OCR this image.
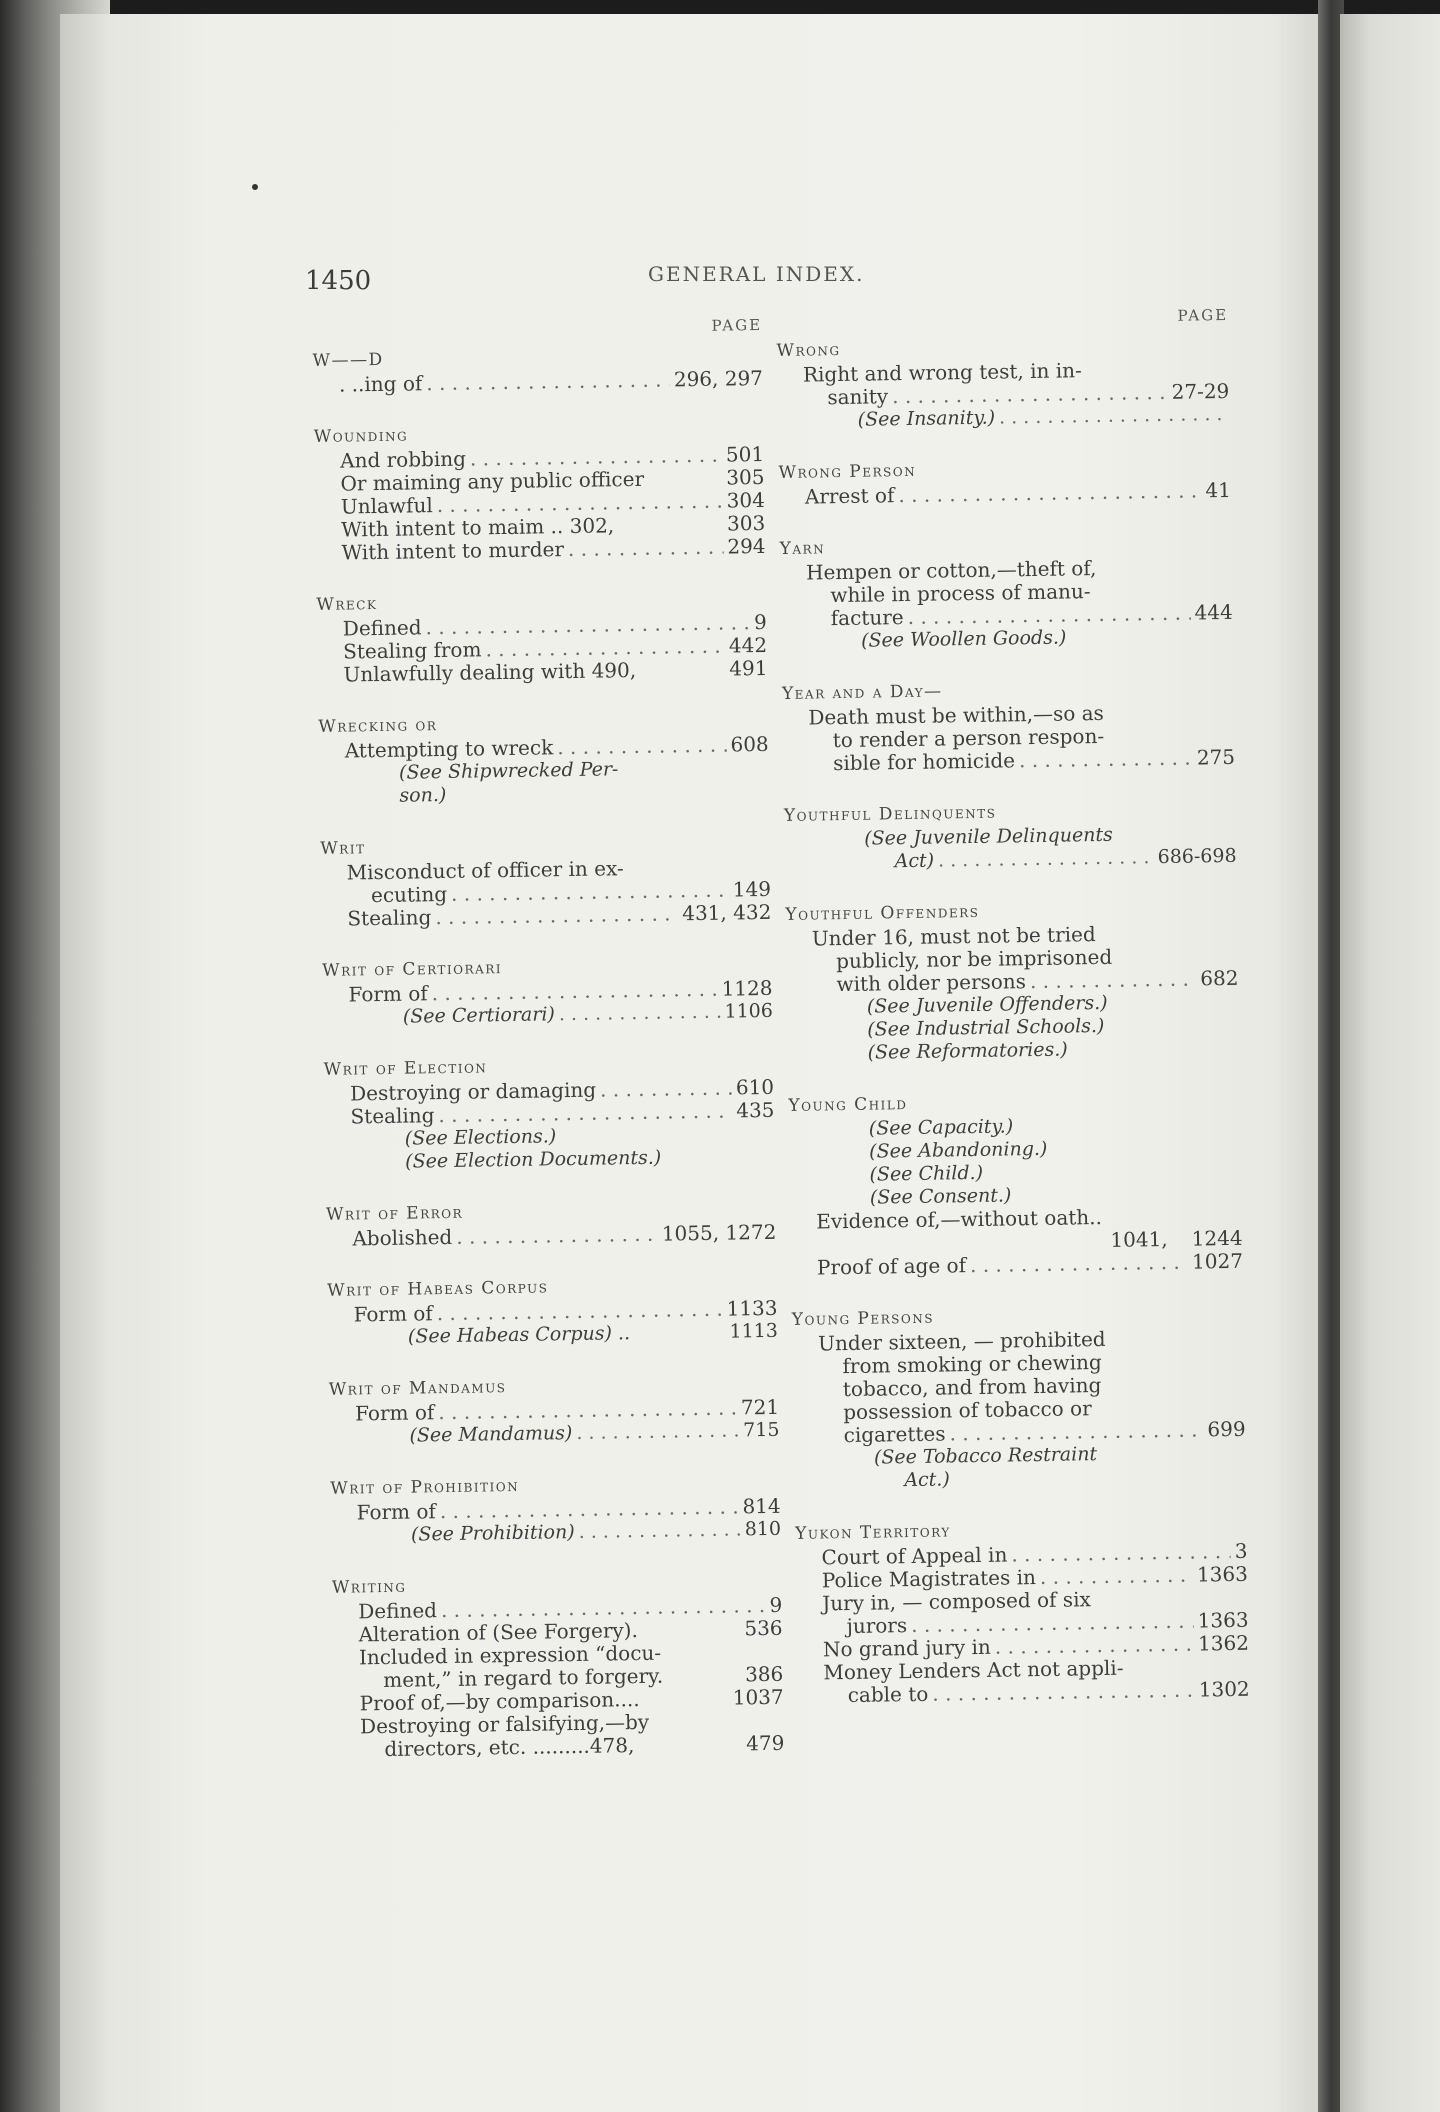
1450	GENERAL INDEX.
PAGE
W——D
. ..ing of . . .	296, 297
Wounding
And robbing . . .	501
Or maiming any public officer	305
Unlawful . . .	304
With intent to maim .. 302,	303
With intent to murder . . .	294
Wreck
Defined . . .	9
Stealing from . . .	442
Unlawfully dealing with 490,	491
Wrecking or
Attempting to wreck . . .	608
(See Shipwrecked Per-
son.)
Writ
Misconduct of officer in ex-
ecuting . . .	149
Stealing . . .	431, 432
Writ of Certiorari
Form of . . .	1128
(See Certiorari) . . .	1106
Writ of Election
Destroying or damaging . . .	610
Stealing . . .	435
(See Elections.)
(See Election Documents.)
Writ of Error
Abolished . . .	1055, 1272
Writ of Habeas Corpus
Form of . . .	1133
(See Habeas Corpus) ..	1113
Writ of Mandamus
Form of . . .	721
(See Mandamus) . . .	715
Writ of Prohibition
Form of . . .	814
(See Prohibition) . . .	810
Writing
Defined . . .	9
Alteration of (See Forgery).	536
Included in expression “docu-
ment,” in regard to forgery.	386
Proof of,—by comparison....	1037
Destroying or falsifying,—by
directors, etc. .........478,	479
PAGE
Wrong
Right and wrong test, in in-
sanity . . .	27-29
(See Insanity.)
. . .
Wrong Person
Arrest of . . .	41
Yarn
Hempen or cotton,—theft of,
while in process of manu-
facture . . .	444
(See Woollen Goods.)
Year and a Day—
Death must be within,—so as
to render a person respon-
sible for homicide . . .	275
Youthful Delinquents
(See Juvenile Delinquents
Act) . . .	686-698
Youthful Offenders
Under 16, must not be tried
publicly, nor be imprisoned
with older persons . . .	682
(See Juvenile Offenders.)
(See Industrial Schools.)
(See Reformatories.)
Young Child
(See Capacity.)
(See Abandoning.)
(See Child.)
(See Consent.)
Evidence of,—without oath..
1041, 1244
Proof of age of . . .	1027
Young Persons
Under sixteen, — prohibited
from smoking or chewing
tobacco, and from having
possession of tobacco or
cigarettes . . .	699
(See Tobacco Restraint
Act.)
Yukon Territory
Court of Appeal in . . .	3
Police Magistrates in . . .	1363
Jury in, — composed of six
jurors . . .	1363
No grand jury in . . .	1362
Money Lenders Act not appli-
cable to . . .	1302
